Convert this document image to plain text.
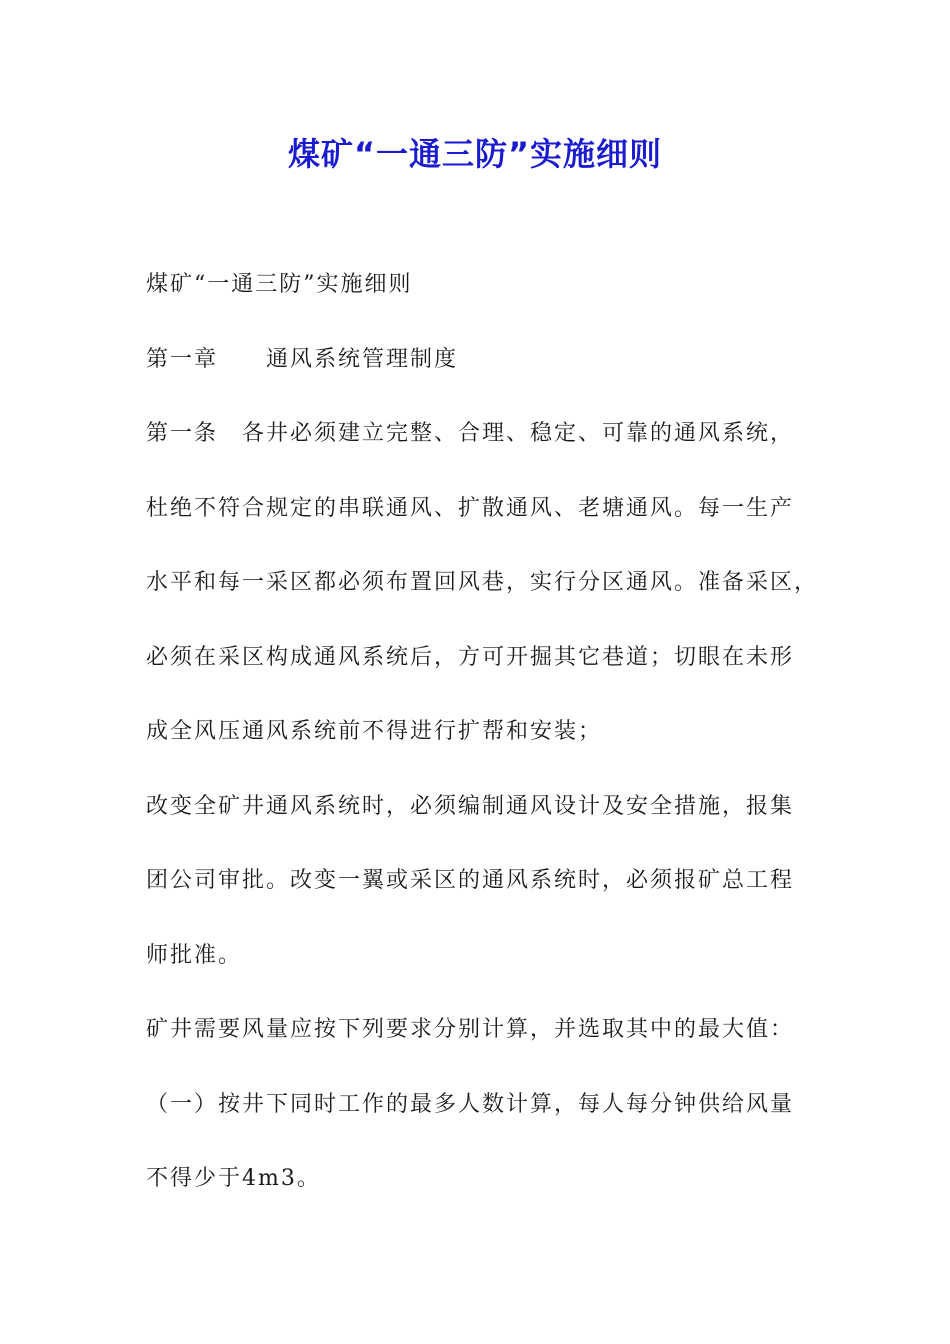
煤矿“一通三防”实施细则
煤矿“一通三防”实施细则
第一章　　通风系统管理制度
第一条　各井必须建立完整、合理、稳定、可靠的通风系统，
杜绝不符合规定的串联通风、扩散通风、老塘通风。每一生产
水平和每一采区都必须布置回风巷，实行分区通风。准备采区，
必须在采区构成通风系统后，方可开掘其它巷道；切眼在未形
成全风压通风系统前不得进行扩帮和安装；
改变全矿井通风系统时，必须编制通风设计及安全措施，报集
团公司审批。改变一翼或采区的通风系统时，必须报矿总工程
师批准。
矿井需要风量应按下列要求分别计算，并选取其中的最大值：
（一）按井下同时工作的最多人数计算，每人每分钟供给风量
不得少于4m3。
